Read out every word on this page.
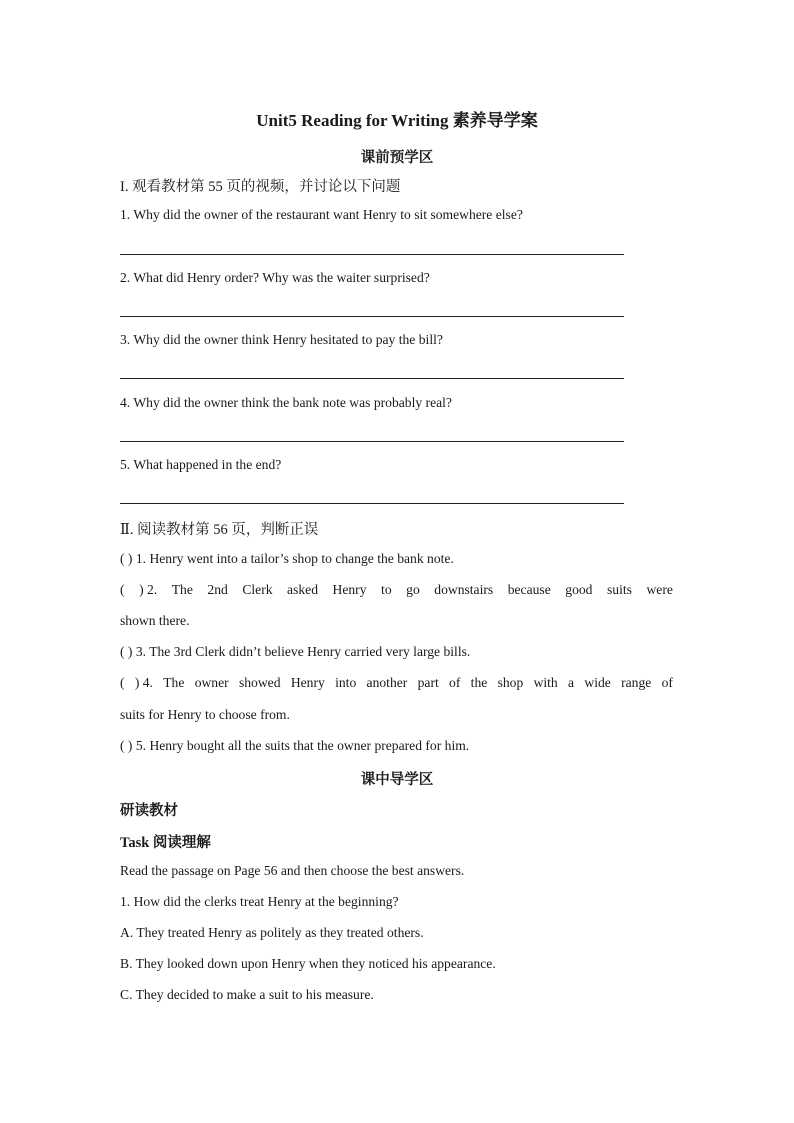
Unit5 Reading for Writing 素养导学案
课前预学区
I. 观看教材第 55 页的视频，并讨论以下问题
1. Why did the owner of the restaurant want Henry to sit somewhere else?
2. What did Henry order? Why was the waiter surprised?
3. Why did the owner think Henry hesitated to pay the bill?
4. Why did the owner think the bank note was probably real?
5. What happened in the end?
Ⅱ. 阅读教材第 56 页，判断正误
( ) 1. Henry went into a tailor’s shop to change the bank note.
( ) 2. The 2nd Clerk asked Henry to go downstairs because good suits were
shown there.
( ) 3. The 3rd Clerk didn’t believe Henry carried very large bills.
( ) 4. The owner showed Henry into another part of the shop with a wide range of
suits for Henry to choose from.
( ) 5. Henry bought all the suits that the owner prepared for him.
课中导学区
研读教材
Task 阅读理解
Read the passage on Page 56 and then choose the best answers.
1. How did the clerks treat Henry at the beginning?
A. They treated Henry as politely as they treated others.
B. They looked down upon Henry when they noticed his appearance.
C. They decided to make a suit to his measure.
